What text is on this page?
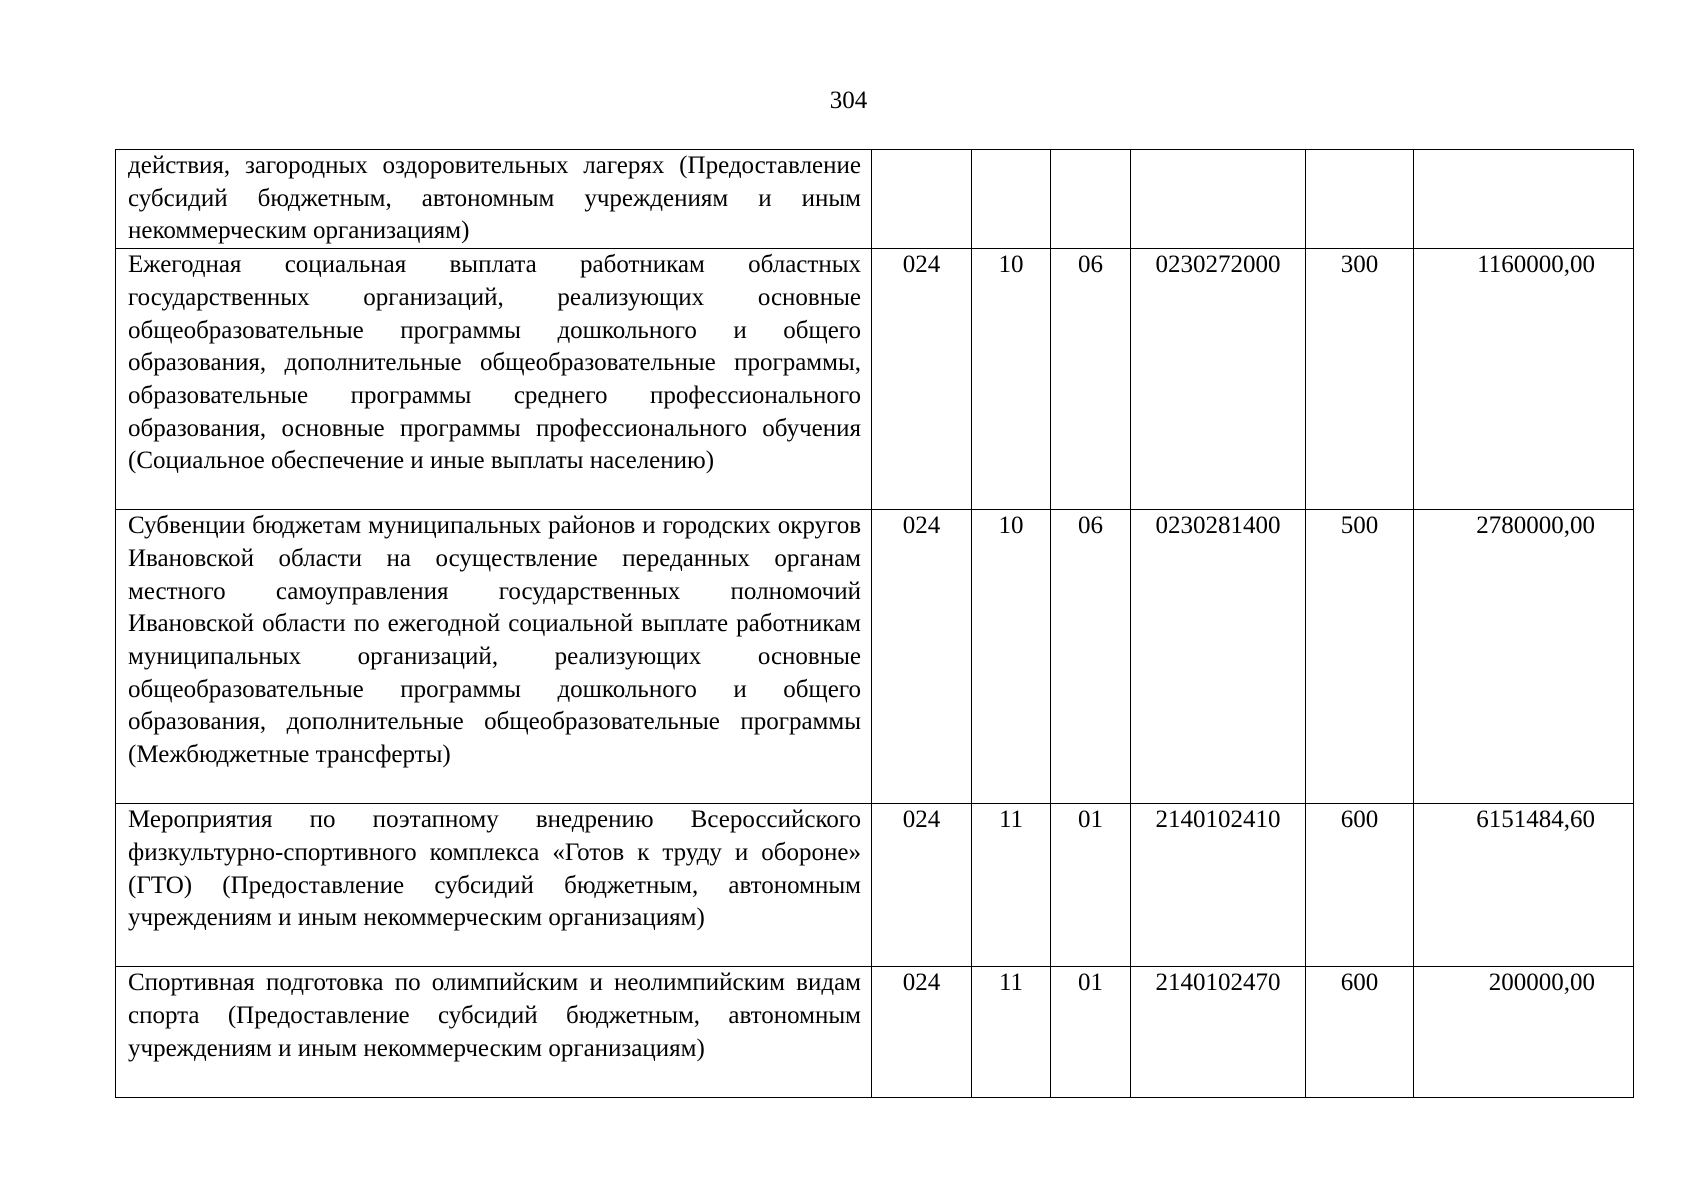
304
действия, загородных оздоровительных лагерях (Предоставление субсидий бюджетным, автономным учреждениям и иным некоммерческим организациям)						
Ежегодная социальная выплата работникам областных государственных организаций, реализующих основные общеобразовательные программы дошкольного и общего образования, дополнительные общеобразовательные программы, образовательные программы среднего профессионального образования, основные программы профессионального обучения (Социальное обеспечение и иные выплаты населению)	024	10	06	0230272000	300	1160000,00
Субвенции бюджетам муниципальных районов и городских округов Ивановской области на осуществление переданных органам местного самоуправления государственных полномочий Ивановской области по ежегодной социальной выплате работникам муниципальных организаций, реализующих основные общеобразовательные программы дошкольного и общего образования, дополнительные общеобразовательные программы (Межбюджетные трансферты)	024	10	06	0230281400	500	2780000,00
Мероприятия по поэтапному внедрению Всероссийского физкультурно-спортивного комплекса «Готов к труду и обороне» (ГТО) (Предоставление субсидий бюджетным, автономным учреждениям и иным некоммерческим организациям)	024	11	01	2140102410	600	6151484,60
Спортивная подготовка по олимпийским и неолимпийским видам спорта (Предоставление субсидий бюджетным, автономным учреждениям и иным некоммерческим организациям)	024	11	01	2140102470	600	200000,00
